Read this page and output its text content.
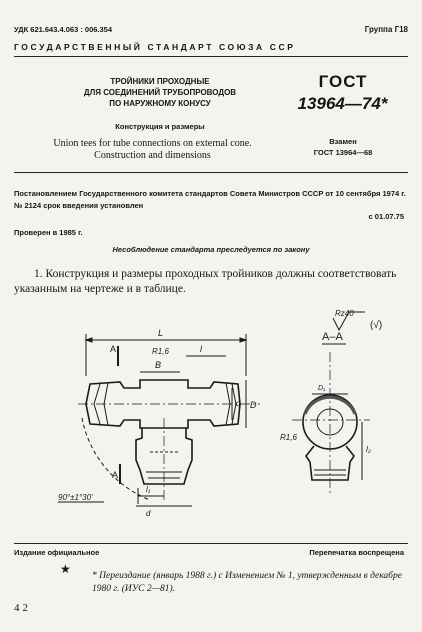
УДК 621.643.4.063 : 006.354	Группа Г18
ГОСУДАРСТВЕННЫЙ СТАНДАРТ СОЮЗА ССР
ТРОЙНИКИ ПРОХОДНЫЕ
ДЛЯ СОЕДИНЕНИЙ ТРУБОПРОВОДОВ
ПО НАРУЖНОМУ КОНУСУ
Конструкция и размеры
Union tees for tube connections on external cone.
Construction and dimensions
ГОСТ
13964—74*
Взамен
ГОСТ 13964—68
Постановлением Государственного комитета стандартов Совета Министров СССР от 10 сентября 1974 г. № 2124 срок введения установлен
с 01.07.75
Проверен в 1985 г.
Несоблюдение стандарта преследуется по закону
1. Конструкция и размеры проходных тройников должны соответствовать указанным на чертеже и в таблице.
Rz40
(√)
А–А
L
А
А
R1,6	l
B
d D
l₁
d
90°±1°30'
D₁
R1,6
l₂
Издание официальное	Перепечатка воспрещена
★ * Переиздание (январь 1988 г.) с Изменением № 1, утвержденным в декабре 1980 г. (ИУС 2—81).
42
